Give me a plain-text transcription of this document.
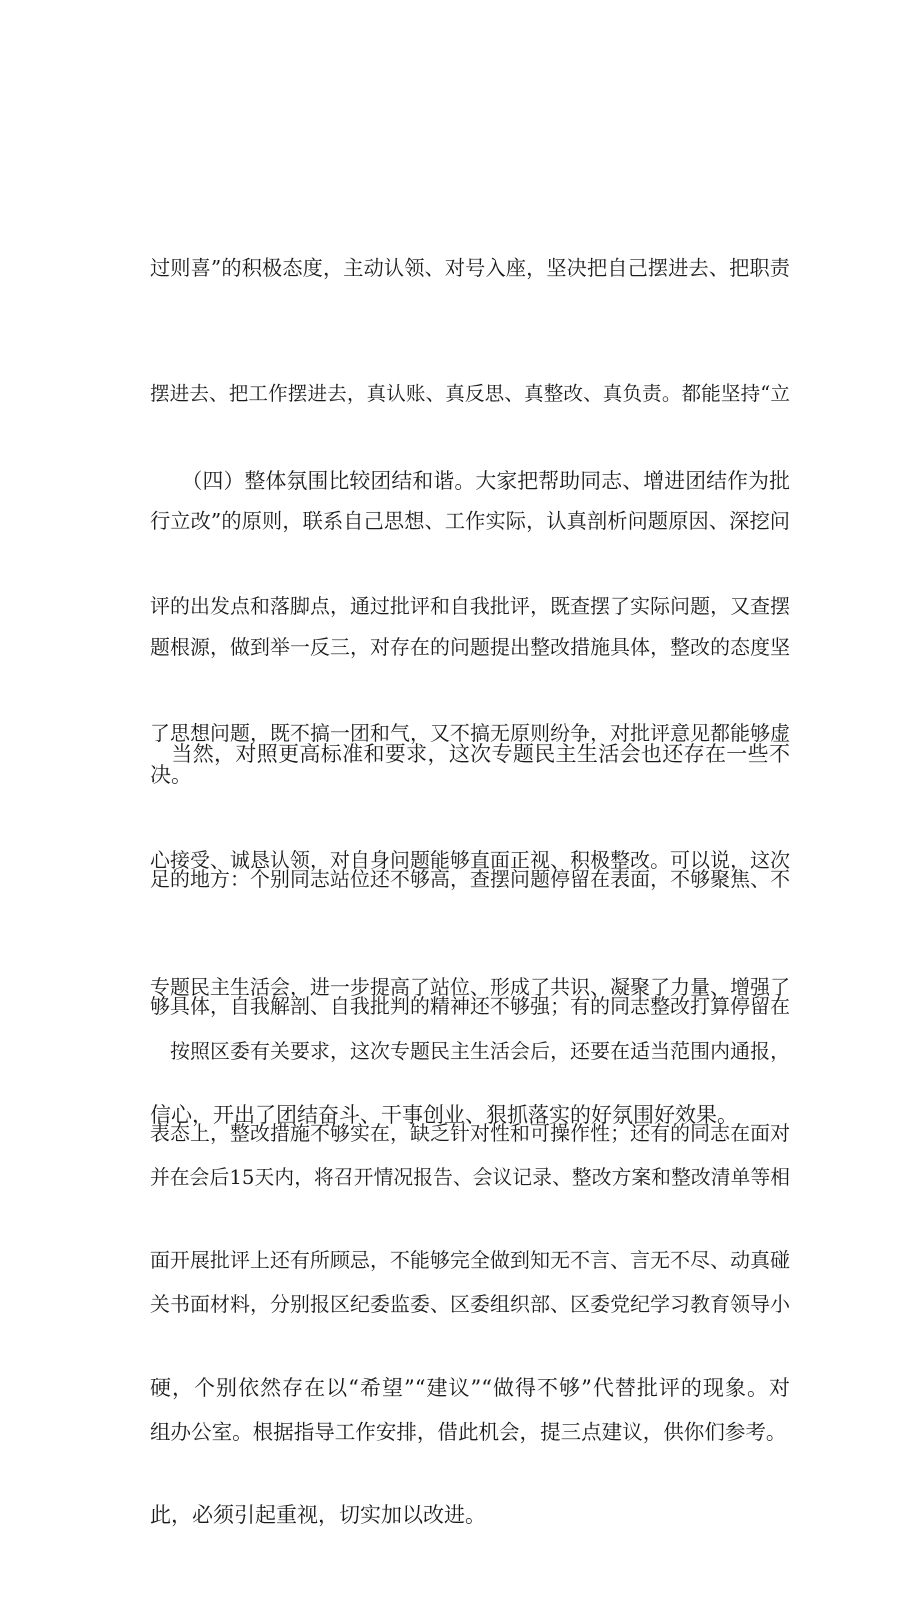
过则喜”的积极态度，主动认领、对号入座，坚决把自己摆进去、把职责

摆进去、把工作摆进去，真认账、真反思、真整改、真负责。都能坚持“立

行立改”的原则，联系自己思想、工作实际，认真剖析问题原因、深挖问

题根源，做到举一反三，对存在的问题提出整改措施具体，整改的态度坚

决。

　　（四）整体氛围比较团结和谐。大家把帮助同志、增进团结作为批

评的出发点和落脚点，通过批评和自我批评，既查摆了实际问题，又查摆

了思想问题，既不搞一团和气，又不搞无原则纷争，对批评意见都能够虚

心接受、诚恳认领，对自身问题能够直面正视、积极整改。可以说，这次

专题民主生活会，进一步提高了站位、形成了共识、凝聚了力量、增强了

信心，开出了团结奋斗、干事创业、狠抓落实的好氛围好效果。

　当然，对照更高标准和要求，这次专题民主生活会也还存在一些不

足的地方：个别同志站位还不够高，查摆问题停留在表面，不够聚焦、不

够具体，自我解剖、自我批判的精神还不够强；有的同志整改打算停留在

表态上，整改措施不够实在，缺乏针对性和可操作性；还有的同志在面对

面开展批评上还有所顾忌，不能够完全做到知无不言、言无不尽、动真碰

硬，个别依然存在以“希望”“建议”“做得不够”代替批评的现象。对

此，必须引起重视，切实加以改进。

　按照区委有关要求，这次专题民主生活会后，还要在适当范围内通报，

并在会后15天内，将召开情况报告、会议记录、整改方案和整改清单等相

关书面材料，分别报区纪委监委、区委组织部、区委党纪学习教育领导小

组办公室。根据指导工作安排，借此机会，提三点建议，供你们参考。
